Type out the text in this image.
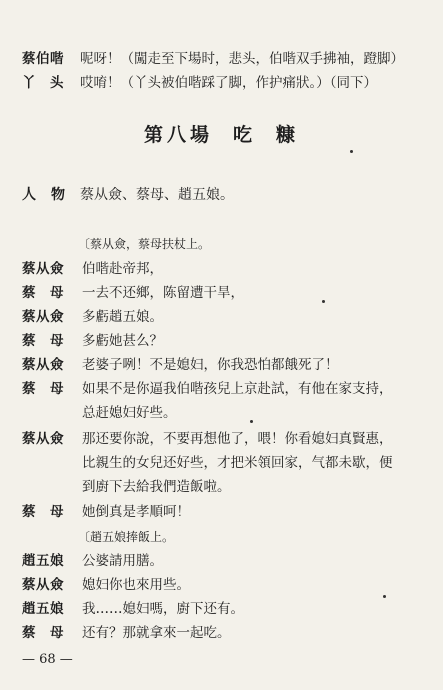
蔡伯喈 呢呀！（闖走至下場时，悲头，伯喈双手拂袖，蹬脚）
丫　头 哎唷！（丫头被伯喈踩了脚，作护痛狀。）（同下）
第八場 吃 糠
人　物 蔡从僉、蔡母、趙五娘。
〔蔡从僉，蔡母扶杖上。
蔡从僉 伯喈赴帝邦，
蔡　母 一去不还鄉，陈留遭干旱，
蔡从僉 多虧趙五娘。
蔡　母 多虧她甚么？
蔡从僉 老婆子咧！不是媳妇，你我恐怕都餓死了！
蔡　母 如果不是你逼我伯喈孩兒上京赴試，有他在家支持，
总赶媳妇好些。
蔡从僉 那还要你說，不要再想他了，喂！你看媳妇真賢惠，
比親生的女兒还好些，才把米領回家，气都未歇，便
到廚下去給我們造飯啦。
蔡　母 她倒真是孝順呵！
〔趙五娘捧飯上。
趙五娘 公婆請用膳。
蔡从僉 媳妇你也來用些。
趙五娘 我……媳妇嗎，廚下还有。
蔡　母 还有？那就拿來一起吃。
— 68 —
